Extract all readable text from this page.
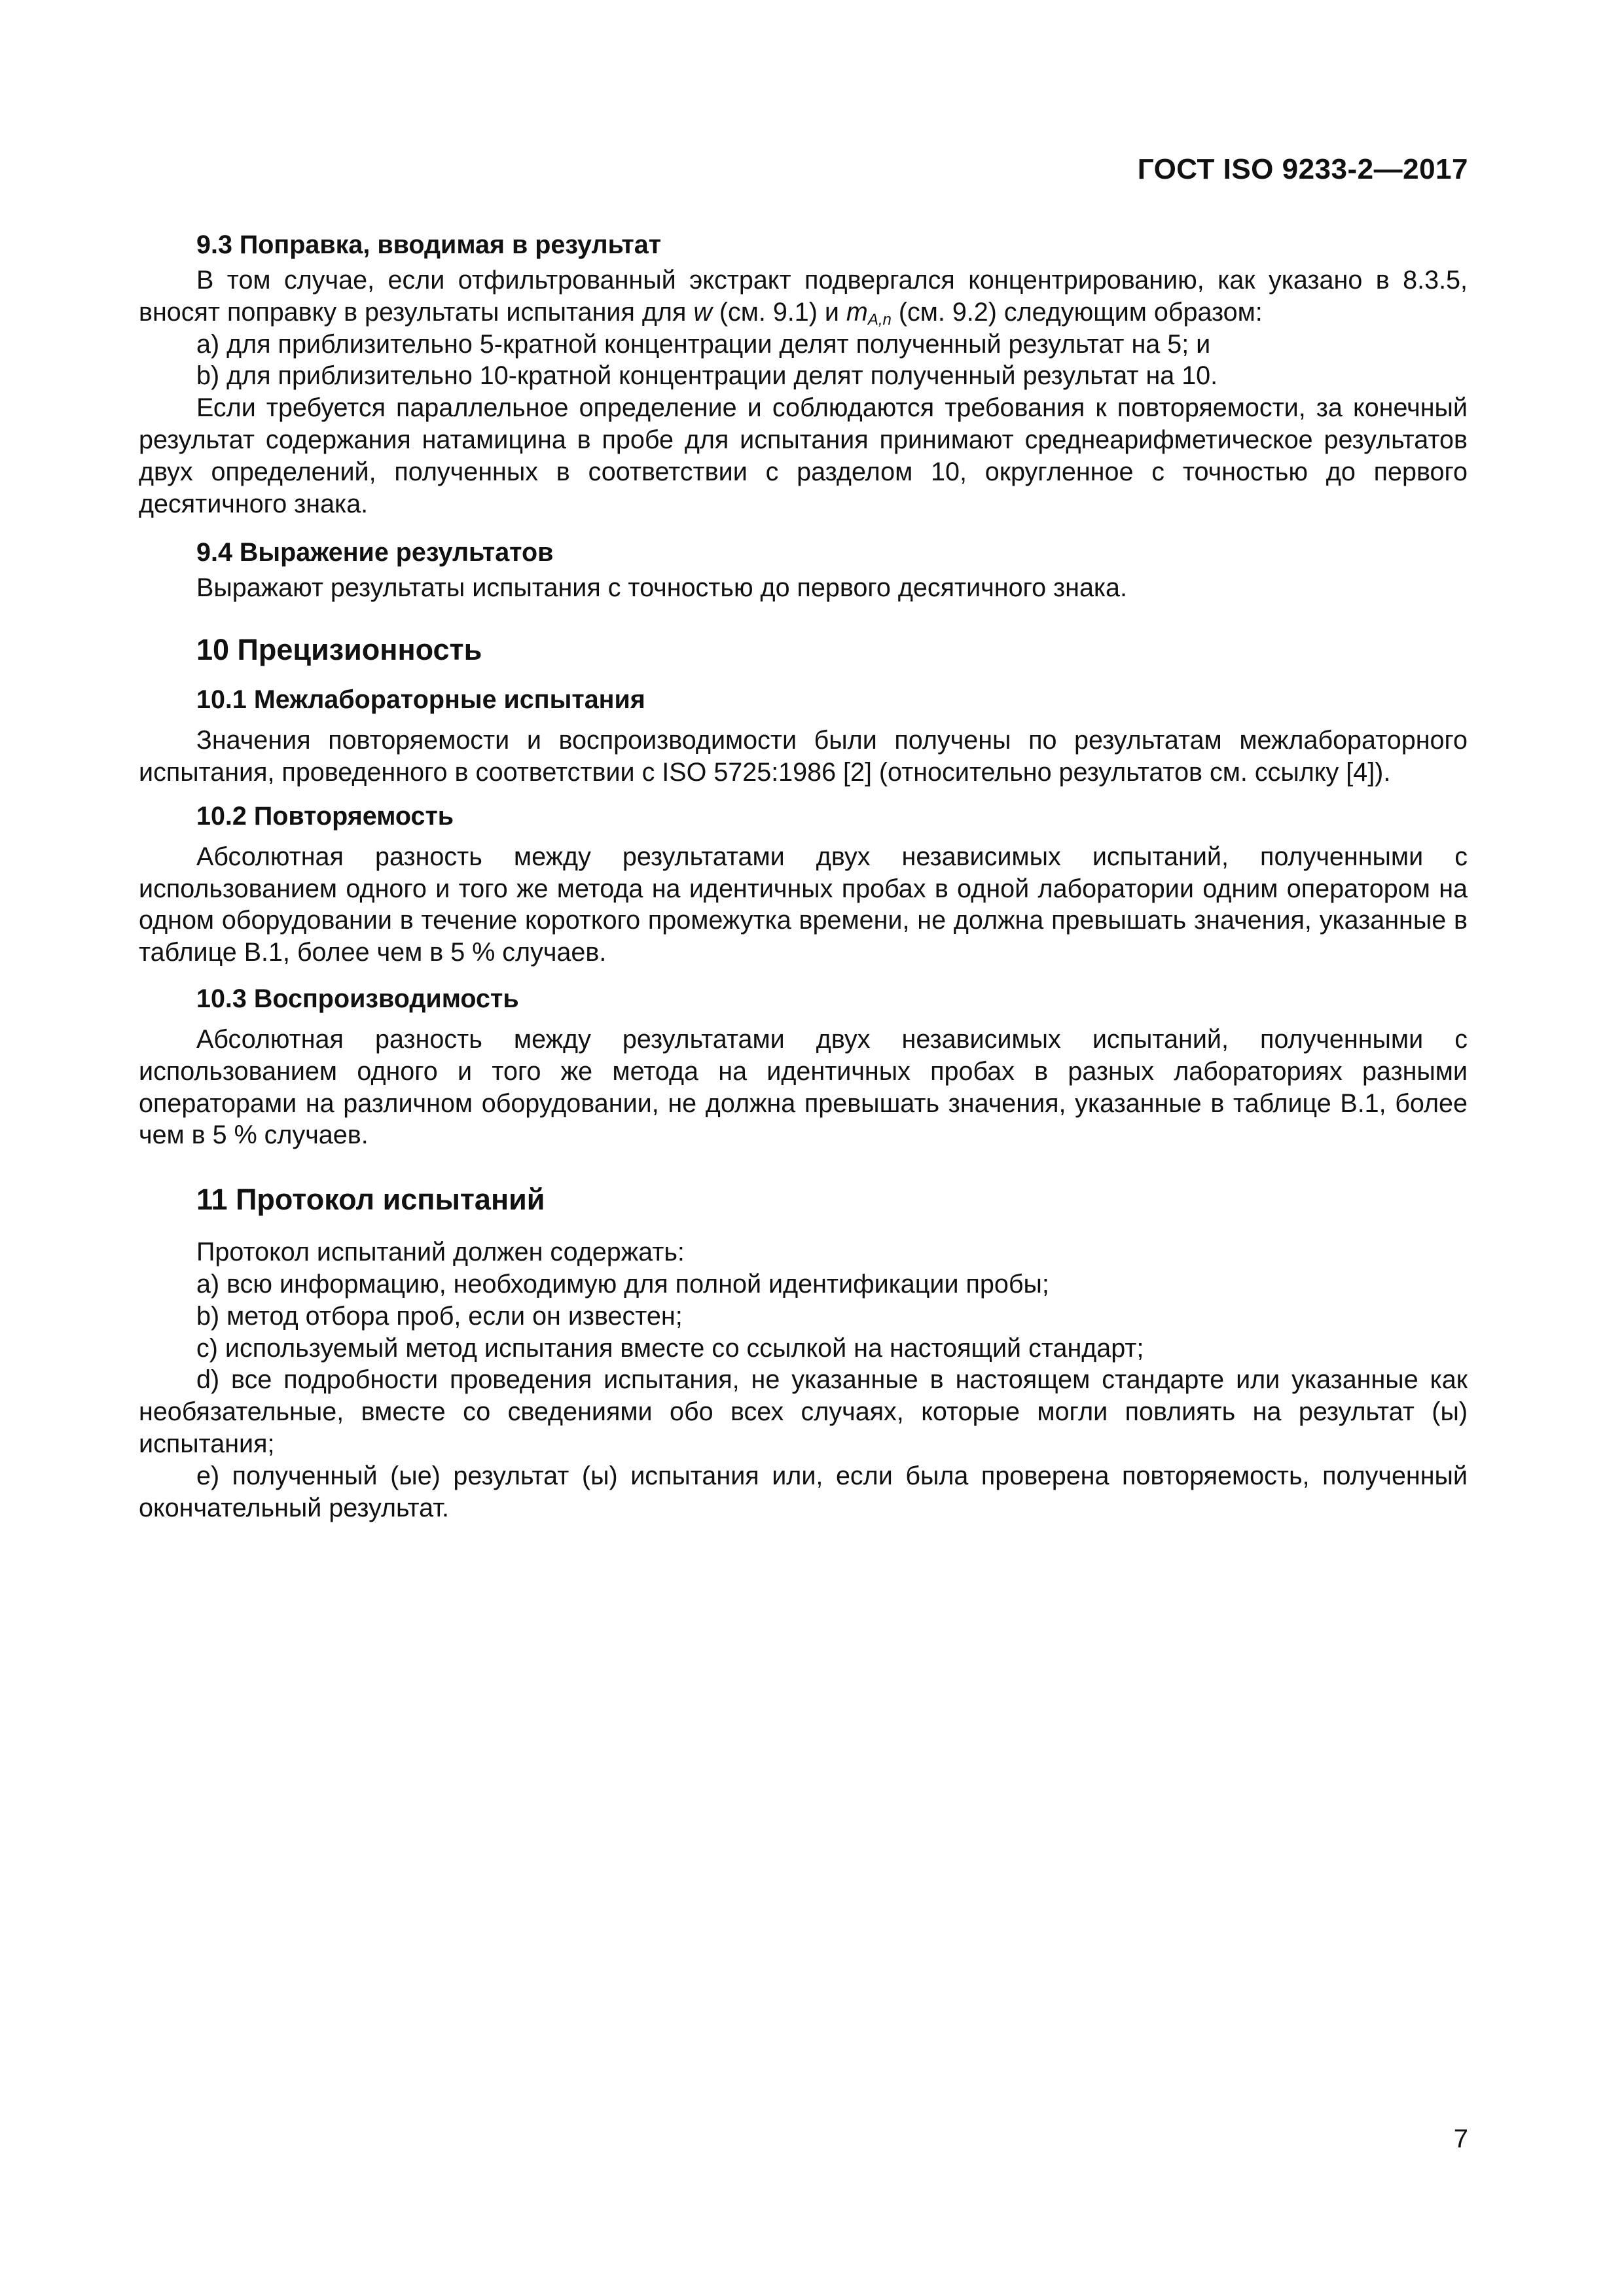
ГОСТ ISO 9233-2—2017

9.3 Поправка, вводимая в результат

В том случае, если отфильтрованный экстракт подвергался концентрированию, как указано в 8.3.5, вносят поправку в результаты испытания для w (см. 9.1) и $m_{A,n}$ (см. 9.2) следующим образом:

a) для приблизительно 5-кратной концентрации делят полученный результат на 5; и

b) для приблизительно 10-кратной концентрации делят полученный результат на 10.

Если требуется параллельное определение и соблюдаются требования к повторяемости, за конечный результат содержания натамицина в пробе для испытания принимают среднеарифметическое результатов двух определений, полученных в соответствии с разделом 10, округленное с точностью до первого десятичного знака.

9.4 Выражение результатов

Выражают результаты испытания с точностью до первого десятичного знака.

10 Прецизионность

10.1 Межлабораторные испытания

Значения повторяемости и воспроизводимости были получены по результатам межлабораторного испытания, проведенного в соответствии с ISO 5725:1986 [2] (относительно результатов см. ссылку [4]).

10.2 Повторяемость

Абсолютная разность между результатами двух независимых испытаний, полученными с использованием одного и того же метода на идентичных пробах в одной лаборатории одним оператором на одном оборудовании в течение короткого промежутка времени, не должна превышать значения, указанные в таблице В.1, более чем в 5 % случаев.

10.3 Воспроизводимость

Абсолютная разность между результатами двух независимых испытаний, полученными с использованием одного и того же метода на идентичных пробах в разных лабораториях разными операторами на различном оборудовании, не должна превышать значения, указанные в таблице В.1, более чем в 5 % случаев.

11 Протокол испытаний

Протокол испытаний должен содержать:

a) всю информацию, необходимую для полной идентификации пробы;

b) метод отбора проб, если он известен;

c) используемый метод испытания вместе со ссылкой на настоящий стандарт;

d) все подробности проведения испытания, не указанные в настоящем стандарте или указанные как необязательные, вместе со сведениями обо всех случаях, которые могли повлиять на результат (ы) испытания;

e) полученный (ые) результат (ы) испытания или, если была проверена повторяемость, полученный окончательный результат.

7
